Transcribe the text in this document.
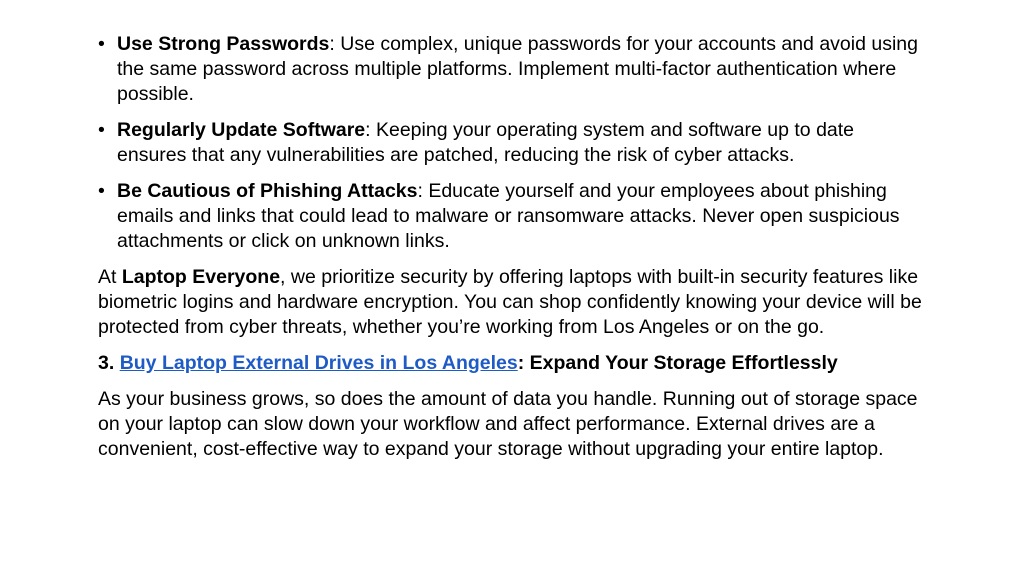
• Use Strong Passwords: Use complex, unique passwords for your accounts and avoid using the same password across multiple platforms. Implement multi-factor authentication where possible.
• Regularly Update Software: Keeping your operating system and software up to date ensures that any vulnerabilities are patched, reducing the risk of cyber attacks.
• Be Cautious of Phishing Attacks: Educate yourself and your employees about phishing emails and links that could lead to malware or ransomware attacks. Never open suspicious attachments or click on unknown links.

At Laptop Everyone, we prioritize security by offering laptops with built-in security features like biometric logins and hardware encryption. You can shop confidently knowing your device will be protected from cyber threats, whether you’re working from Los Angeles or on the go.

3. Buy Laptop External Drives in Los Angeles: Expand Your Storage Effortlessly

As your business grows, so does the amount of data you handle. Running out of storage space on your laptop can slow down your workflow and affect performance. External drives are a convenient, cost-effective way to expand your storage without upgrading your entire laptop.
